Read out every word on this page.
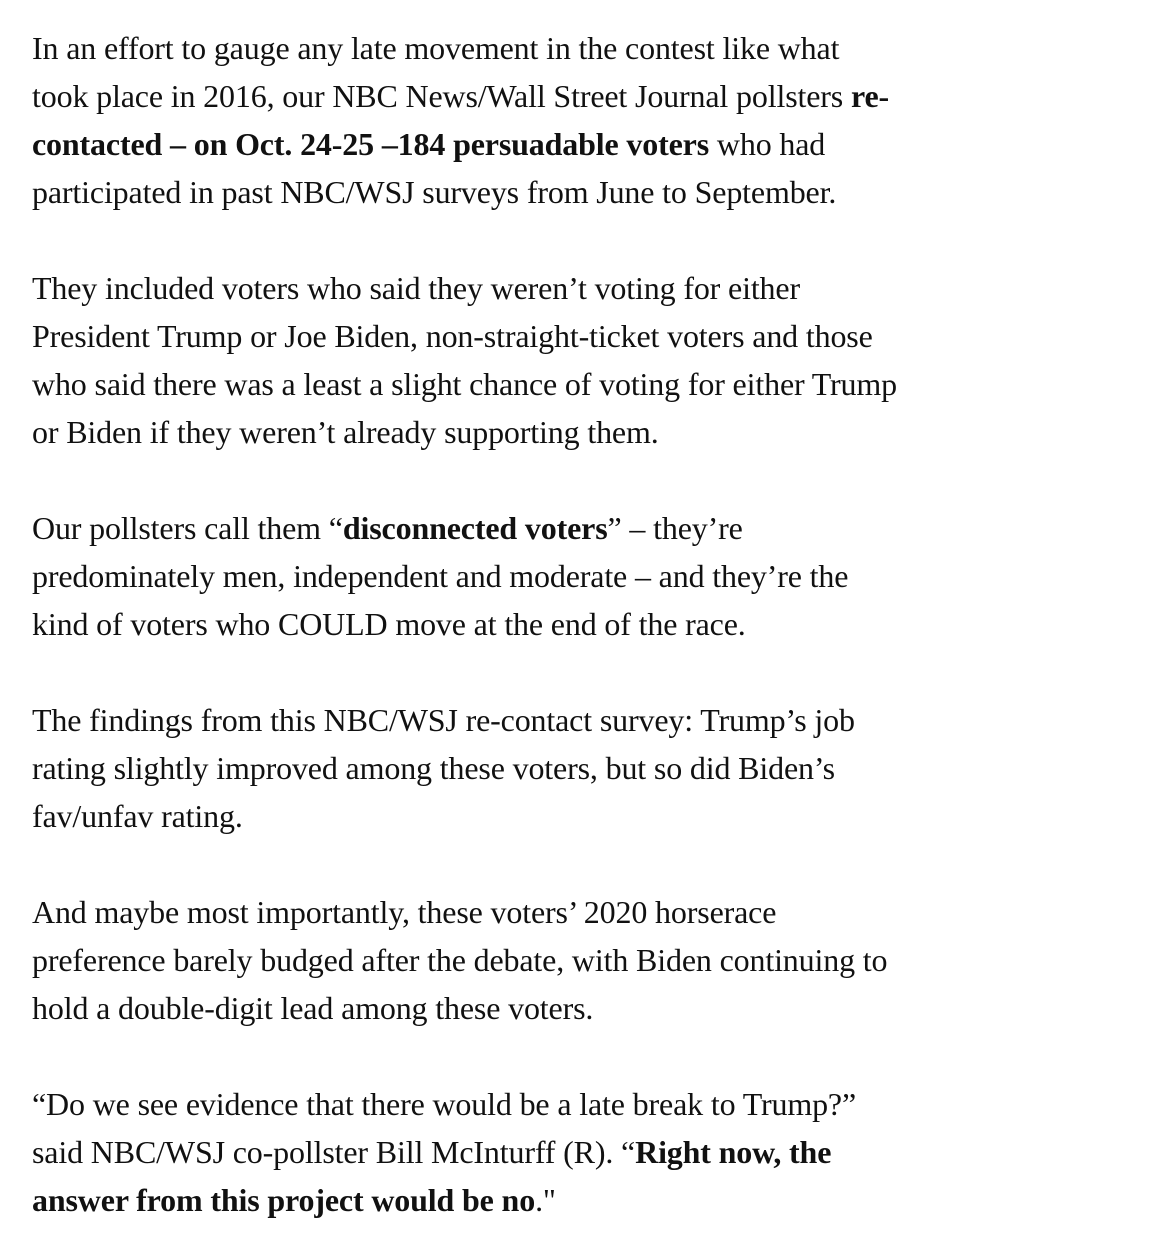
In an effort to gauge any late movement in the contest like what
took place in 2016, our NBC News/Wall Street Journal pollsters re-
contacted – on Oct. 24-25 –184 persuadable voters who had
participated in past NBC/WSJ surveys from June to September.

They included voters who said they weren’t voting for either
President Trump or Joe Biden, non-straight-ticket voters and those
who said there was a least a slight chance of voting for either Trump
or Biden if they weren’t already supporting them.

Our pollsters call them “disconnected voters” – they’re
predominately men, independent and moderate – and they’re the
kind of voters who COULD move at the end of the race.

The findings from this NBC/WSJ re-contact survey: Trump’s job
rating slightly improved among these voters, but so did Biden’s
fav/unfav rating.

And maybe most importantly, these voters’ 2020 horserace
preference barely budged after the debate, with Biden continuing to
hold a double-digit lead among these voters.

“Do we see evidence that there would be a late break to Trump?”
said NBC/WSJ co-pollster Bill McInturff (R). “Right now, the
answer from this project would be no."
